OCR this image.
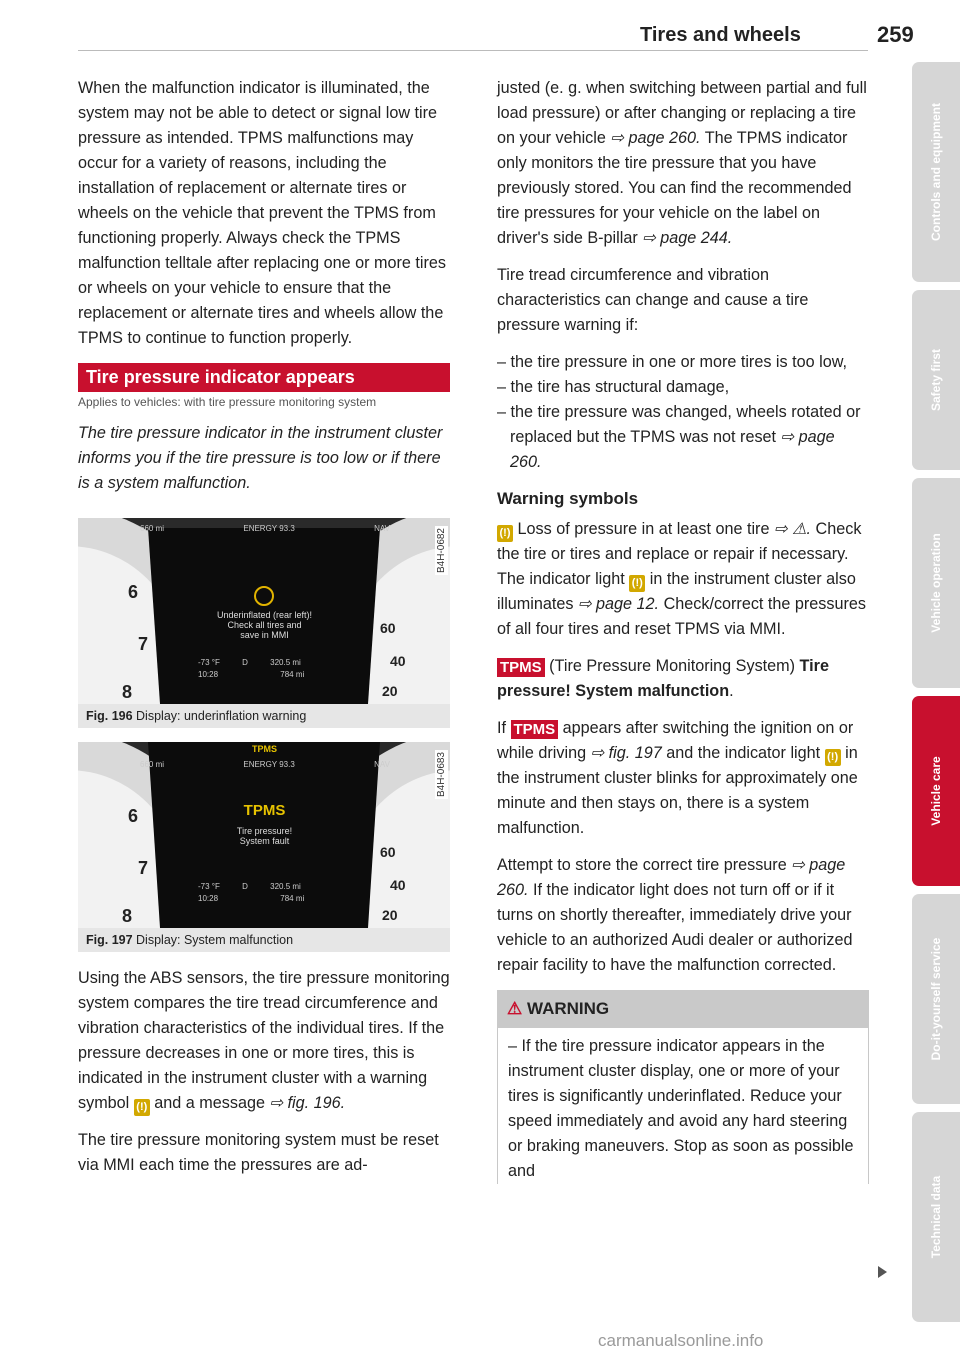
Tires and wheels	259

When the malfunction indicator is illuminated, the system may not be able to detect or signal low tire pressure as intended. TPMS malfunctions may occur for a variety of reasons, including the installation of replacement or alternate tires or wheels on the vehicle that prevent the TPMS from functioning properly. Always check the TPMS malfunction telltale after replacing one or more tires or wheels on your vehicle to ensure that the replacement or alternate tires and wheels allow the TPMS to continue to function properly.

Tire pressure indicator appears
Applies to vehicles: with tire pressure monitoring system
The tire pressure indicator in the instrument cluster informs you if the tire pressure is too low or if there is a system malfunction.
6
7
8
60
40
20
660 mi	ENERGY 93.3	NAV
Underinflated (rear left)!
Check all tires and
save in MMI
-73 °F	D	320.5 mi
10:28	784 mi
B4H-0682
Fig. 196 Display: underinflation warning
6
7
8
60
40
20
TPMS
660 mi	ENERGY 93.3	NAV
TPMS
Tire pressure!
System fault
-73 °F	D	320.5 mi
10:28	784 mi
B4H-0683
Fig. 197 Display: System malfunction

Using the ABS sensors, the tire pressure monitoring system compares the tire tread circumference and vibration characteristics of the individual tires. If the pressure decreases in one or more tires, this is indicated in the instrument cluster with a warning symbol (!) and a message ⇨ fig. 196.

The tire pressure monitoring system must be reset via MMI each time the pressures are ad-

justed (e. g. when switching between partial and full load pressure) or after changing or replacing a tire on your vehicle ⇨ page 260. The TPMS indicator only monitors the tire pressure that you have previously stored. You can find the recommended tire pressures for your vehicle on the label on driver's side B-pillar ⇨ page 244.

Tire tread circumference and vibration characteristics can change and cause a tire pressure warning if:

– the tire pressure in one or more tires is too low,
– the tire has structural damage,
– the tire pressure was changed, wheels rotated or replaced but the TPMS was not reset ⇨ page 260.
Warning symbols

(!) Loss of pressure in at least one tire ⇨ ⚠. Check the tire or tires and replace or repair if necessary. The indicator light (!) in the instrument cluster also illuminates ⇨ page 12. Check/correct the pressures of all four tires and reset TPMS via MMI.

TPMS (Tire Pressure Monitoring System) Tire pressure! System malfunction.

If TPMS appears after switching the ignition on or while driving ⇨ fig. 197 and the indicator light (!) in the instrument cluster blinks for approximately one minute and then stays on, there is a system malfunction.

Attempt to store the correct tire pressure ⇨ page 260. If the indicator light does not turn off or if it turns on shortly thereafter, immediately drive your vehicle to an authorized Audi dealer or authorized repair facility to have the malfunction corrected.

⚠ WARNING

– If the tire pressure indicator appears in the instrument cluster display, one or more of your tires is significantly underinflated. Reduce your speed immediately and avoid any hard steering or braking maneuvers. Stop as soon as possible and

Controls and equipment
Safety first
Vehicle operation
Vehicle care
Do-it-yourself service
Technical data
carmanualsonline.info
